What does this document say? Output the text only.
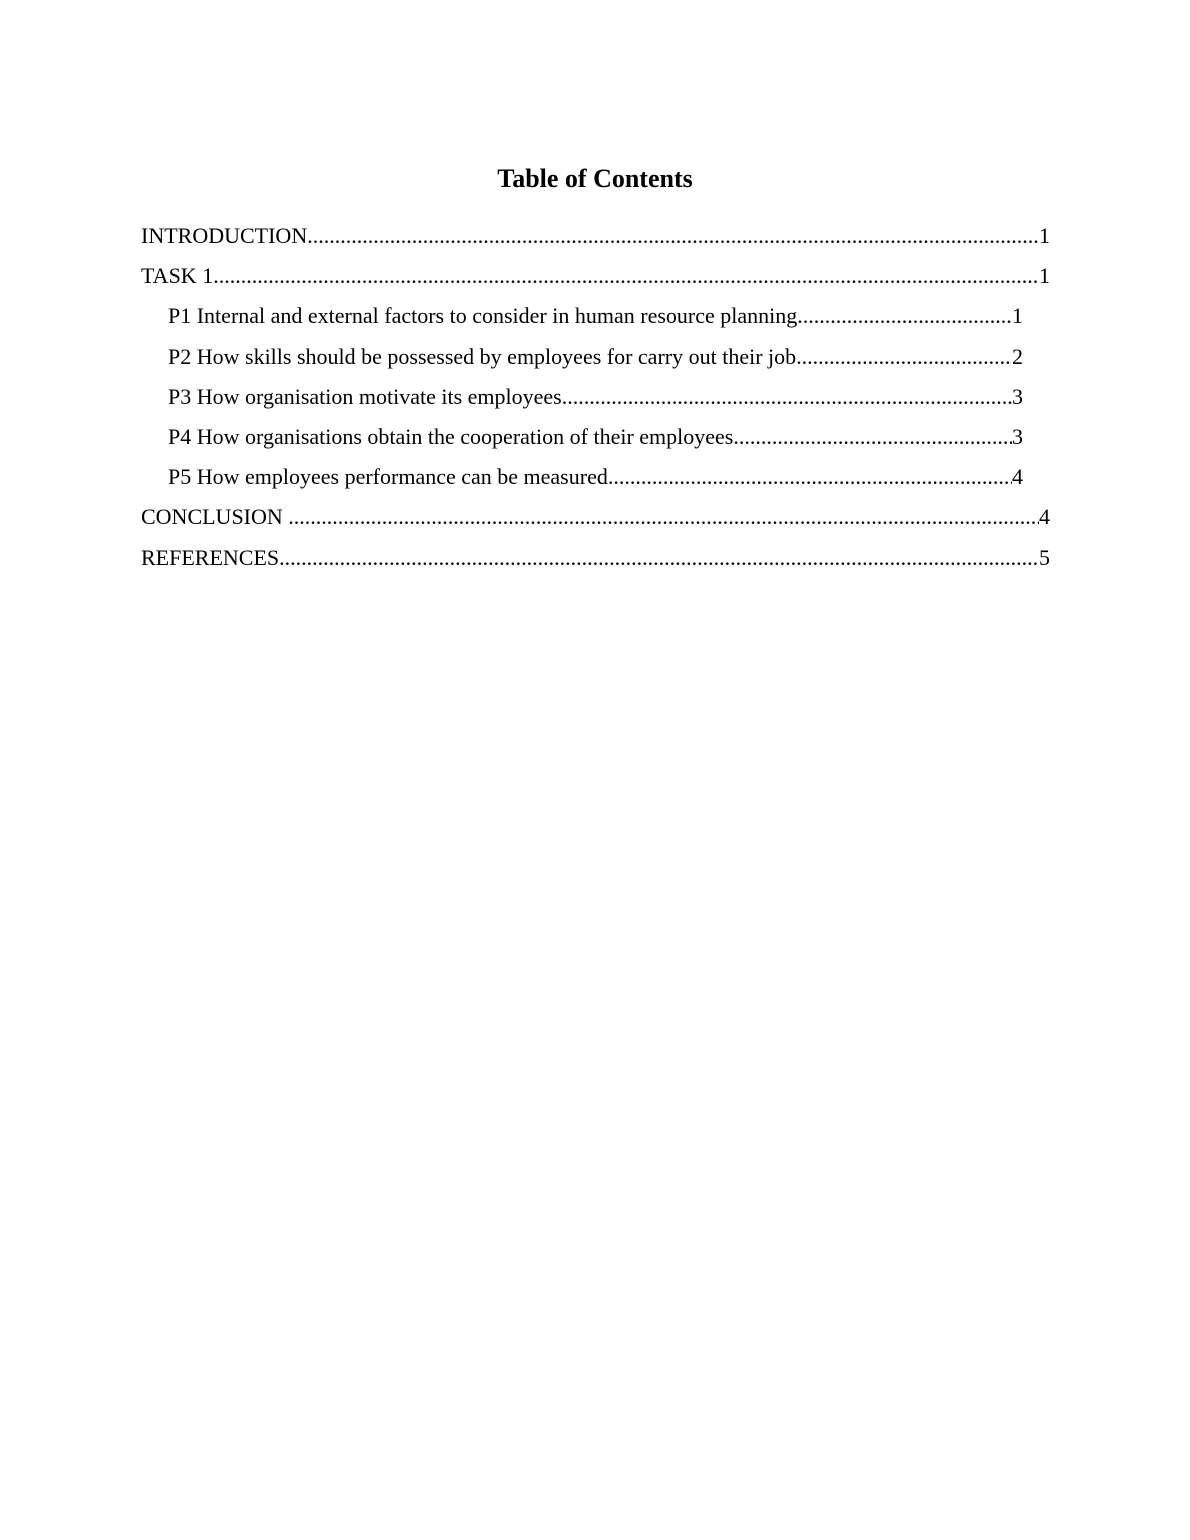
Table of Contents
INTRODUCTION .....	1
TASK 1 .....	1
P1 Internal and external factors to consider in human resource planning .....	1
P2 How skills should be possessed by employees for carry out their job .....	2
P3 How organisation motivate its employees .....	3
P4 How organisations obtain the cooperation of their employees .....	3
P5 How employees performance can be measured .....	4
CONCLUSION .....	4
REFERENCES .....	5
